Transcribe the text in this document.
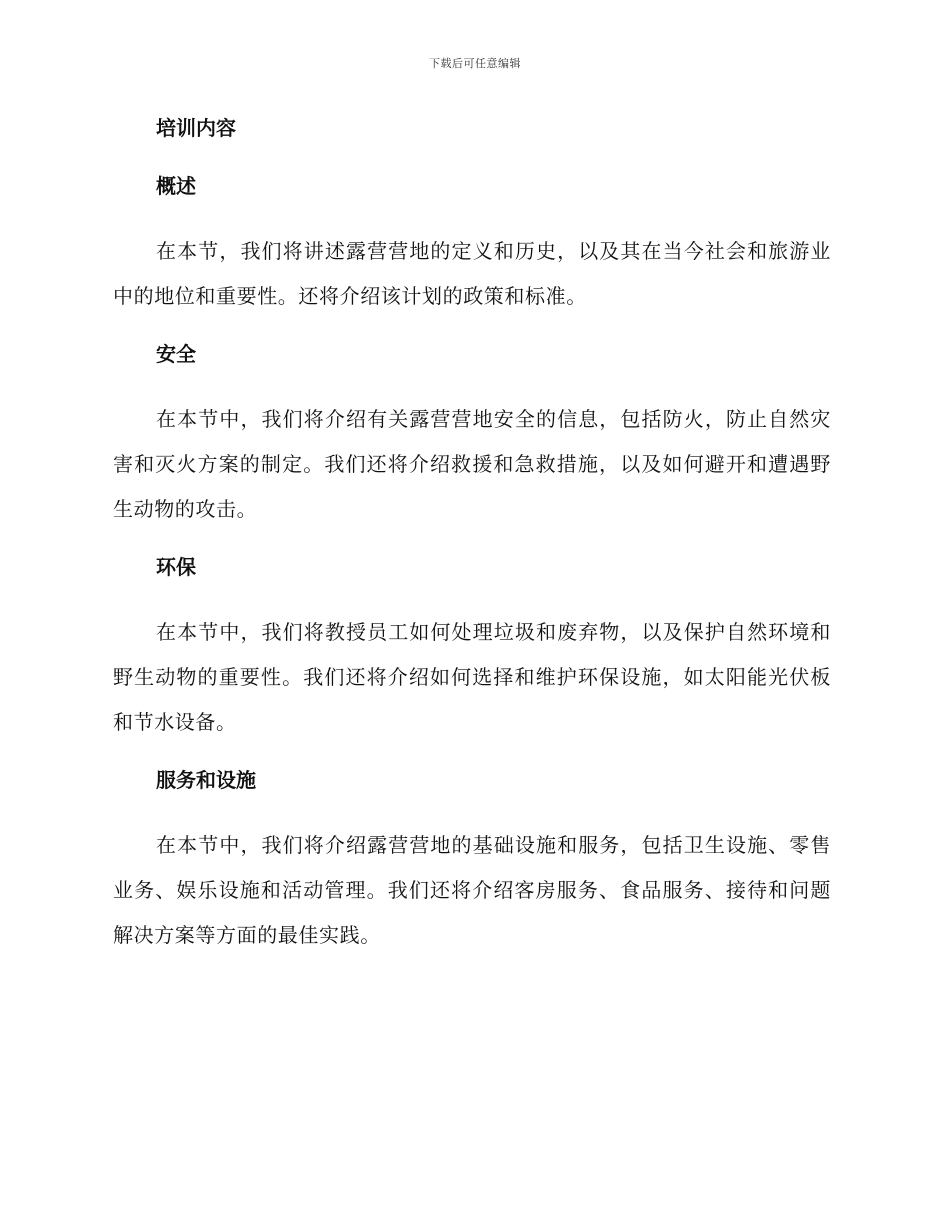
下载后可任意编辑
培训内容
概述

在本节，我们将讲述露营营地的定义和历史，以及其在当今社会和旅游业中的地位和重要性。还将介绍该计划的政策和标准。

安全

在本节中，我们将介绍有关露营营地安全的信息，包括防火，防止自然灾害和灭火方案的制定。我们还将介绍救援和急救措施，以及如何避开和遭遇野生动物的攻击。

环保

在本节中，我们将教授员工如何处理垃圾和废弃物，以及保护自然环境和野生动物的重要性。我们还将介绍如何选择和维护环保设施，如太阳能光伏板和节水设备。

服务和设施

在本节中，我们将介绍露营营地的基础设施和服务，包括卫生设施、零售业务、娱乐设施和活动管理。我们还将介绍客房服务、食品服务、接待和问题解决方案等方面的最佳实践。
